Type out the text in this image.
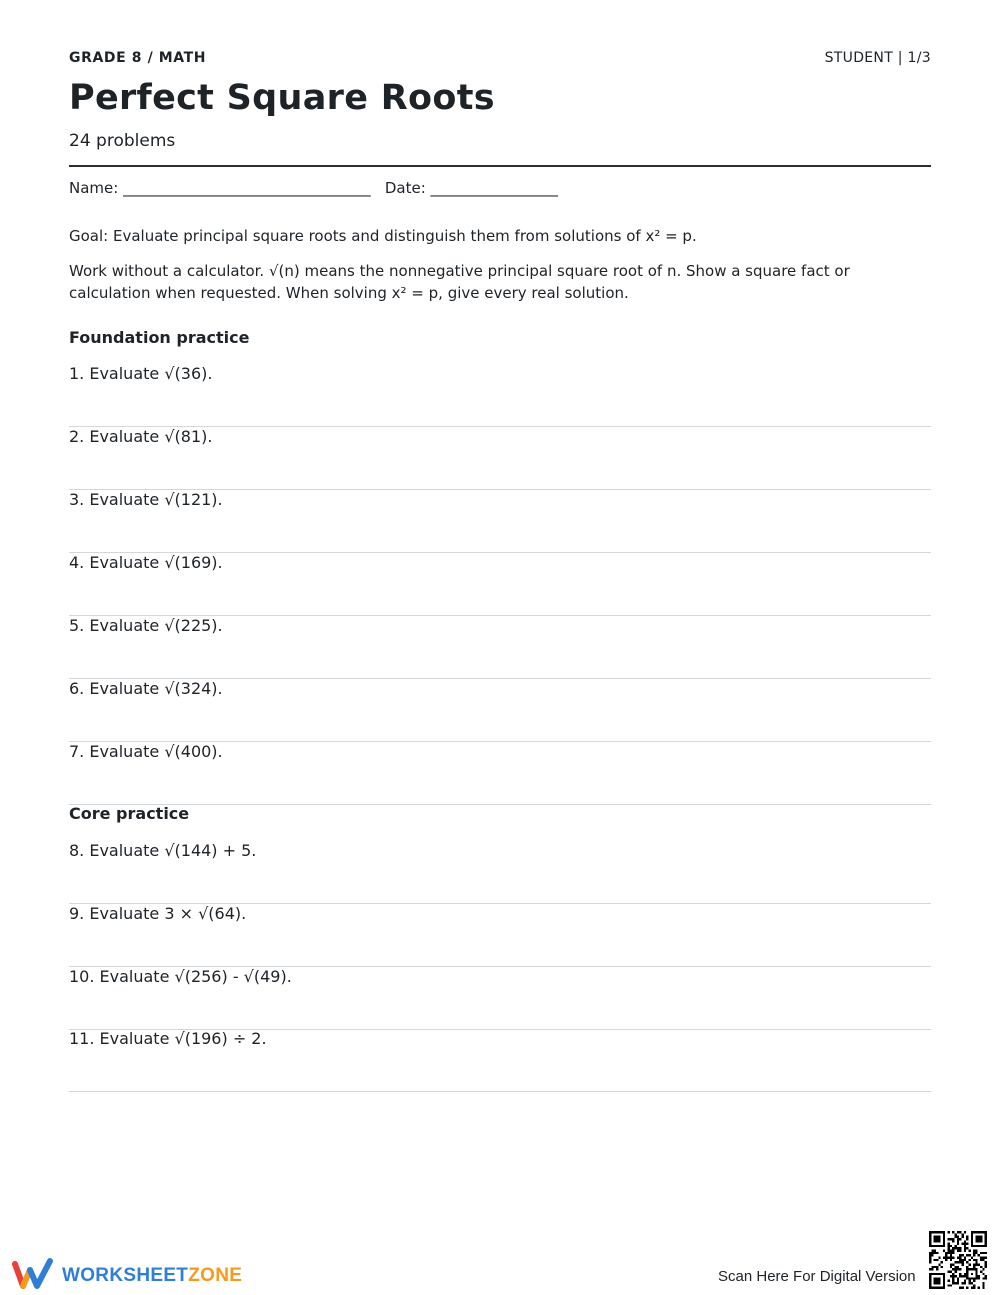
GRADE 8 / MATH	STUDENT | 1/3
Perfect Square Roots
24 problems
Name: _________________________________   Date: _________________
Goal: Evaluate principal square roots and distinguish them from solutions of x² = p.
Work without a calculator. √(n) means the nonnegative principal square root of n. Show a square fact or calculation when requested. When solving x² = p, give every real solution.
Foundation practice
1. Evaluate √(36).
2. Evaluate √(81).
3. Evaluate √(121).
4. Evaluate √(169).
5. Evaluate √(225).
6. Evaluate √(324).
7. Evaluate √(400).
Core practice
8. Evaluate √(144) + 5.
9. Evaluate 3 × √(64).
10. Evaluate √(256) - √(49).
11. Evaluate √(196) ÷ 2.
WORKSHEETZONE	Scan Here For Digital Version
